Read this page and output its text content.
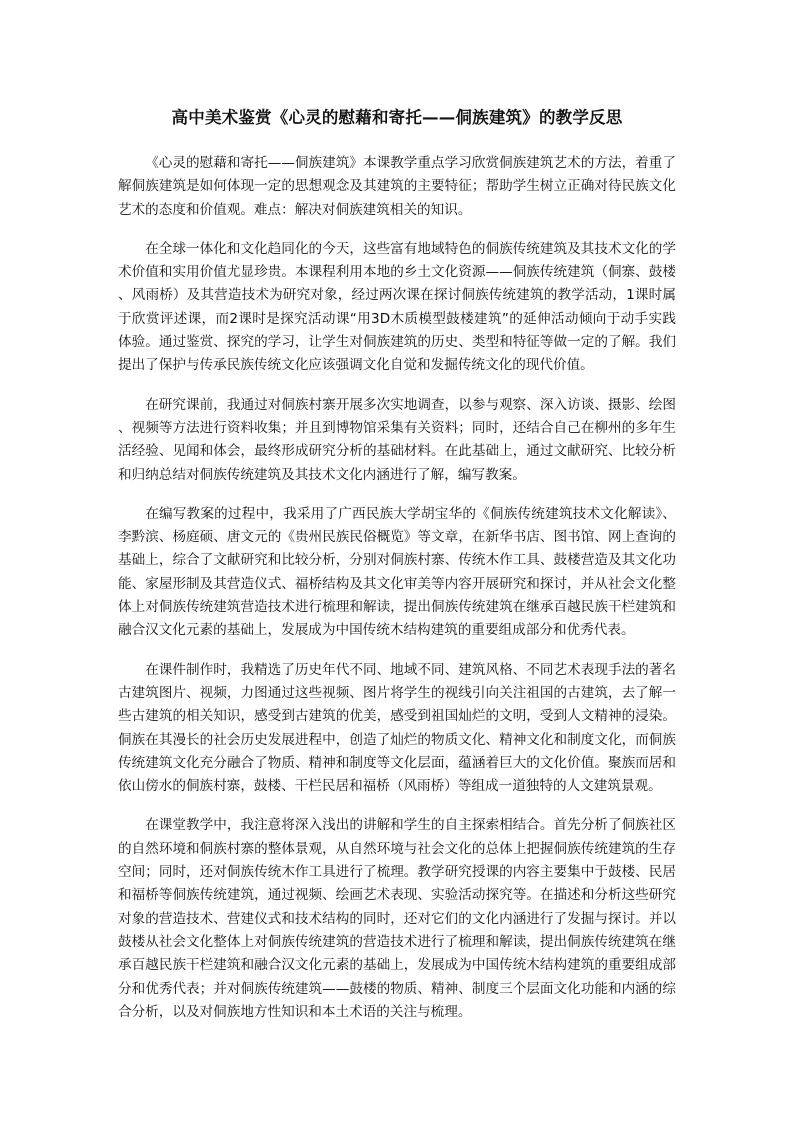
高中美术鉴赏《心灵的慰藉和寄托——侗族建筑》的教学反思

《心灵的慰藉和寄托——侗族建筑》本课教学重点学习欣赏侗族建筑艺术的方法，着重了解侗族建筑是如何体现一定的思想观念及其建筑的主要特征；帮助学生树立正确对待民族文化艺术的态度和价值观。难点：解决对侗族建筑相关的知识。

在全球一体化和文化趋同化的今天，这些富有地域特色的侗族传统建筑及其技术文化的学术价值和实用价值尤显珍贵。本课程利用本地的乡土文化资源——侗族传统建筑（侗寨、鼓楼、风雨桥）及其营造技术为研究对象，经过两次课在探讨侗族传统建筑的教学活动，1课时属于欣赏评述课，而2课时是探究活动课“用3D木质模型鼓楼建筑”的延伸活动倾向于动手实践体验。通过鉴赏、探究的学习，让学生对侗族建筑的历史、类型和特征等做一定的了解。我们提出了保护与传承民族传统文化应该强调文化自觉和发掘传统文化的现代价值。

在研究课前，我通过对侗族村寨开展多次实地调查，以参与观察、深入访谈、摄影、绘图、视频等方法进行资料收集；并且到博物馆采集有关资料；同时，还结合自己在柳州的多年生活经验、见闻和体会，最终形成研究分析的基础材料。在此基础上，通过文献研究、比较分析和归纳总结对侗族传统建筑及其技术文化内涵进行了解，编写教案。

在编写教案的过程中，我采用了广西民族大学胡宝华的《侗族传统建筑技术文化解读》、李黔滨、杨庭硕、唐文元的《贵州民族民俗概览》等文章，在新华书店、图书馆、网上查询的基础上，综合了文献研究和比较分析，分别对侗族村寨、传统木作工具、鼓楼营造及其文化功能、家屋形制及其营造仪式、福桥结构及其文化审美等内容开展研究和探讨，并从社会文化整体上对侗族传统建筑营造技术进行梳理和解读，提出侗族传统建筑在继承百越民族干栏建筑和融合汉文化元素的基础上，发展成为中国传统木结构建筑的重要组成部分和优秀代表。

在课件制作时，我精选了历史年代不同、地域不同、建筑风格、不同艺术表现手法的著名古建筑图片、视频，力图通过这些视频、图片将学生的视线引向关注祖国的古建筑，去了解一些古建筑的相关知识，感受到古建筑的优美，感受到祖国灿烂的文明，受到人文精神的浸染。侗族在其漫长的社会历史发展进程中，创造了灿烂的物质文化、精神文化和制度文化，而侗族传统建筑文化充分融合了物质、精神和制度等文化层面，蕴涵着巨大的文化价值。聚族而居和依山傍水的侗族村寨，鼓楼、干栏民居和福桥（风雨桥）等组成一道独特的人文建筑景观。

在课堂教学中，我注意将深入浅出的讲解和学生的自主探索相结合。首先分析了侗族社区的自然环境和侗族村寨的整体景观，从自然环境与社会文化的总体上把握侗族传统建筑的生存空间；同时，还对侗族传统木作工具进行了梳理。教学研究授课的内容主要集中于鼓楼、民居和福桥等侗族传统建筑，通过视频、绘画艺术表现、实验活动探究等。在描述和分析这些研究对象的营造技术、营建仪式和技术结构的同时，还对它们的文化内涵进行了发掘与探讨。并以鼓楼从社会文化整体上对侗族传统建筑的营造技术进行了梳理和解读，提出侗族传统建筑在继承百越民族干栏建筑和融合汉文化元素的基础上，发展成为中国传统木结构建筑的重要组成部分和优秀代表；并对侗族传统建筑——鼓楼的物质、精神、制度三个层面文化功能和内涵的综合分析，以及对侗族地方性知识和本土术语的关注与梳理。
